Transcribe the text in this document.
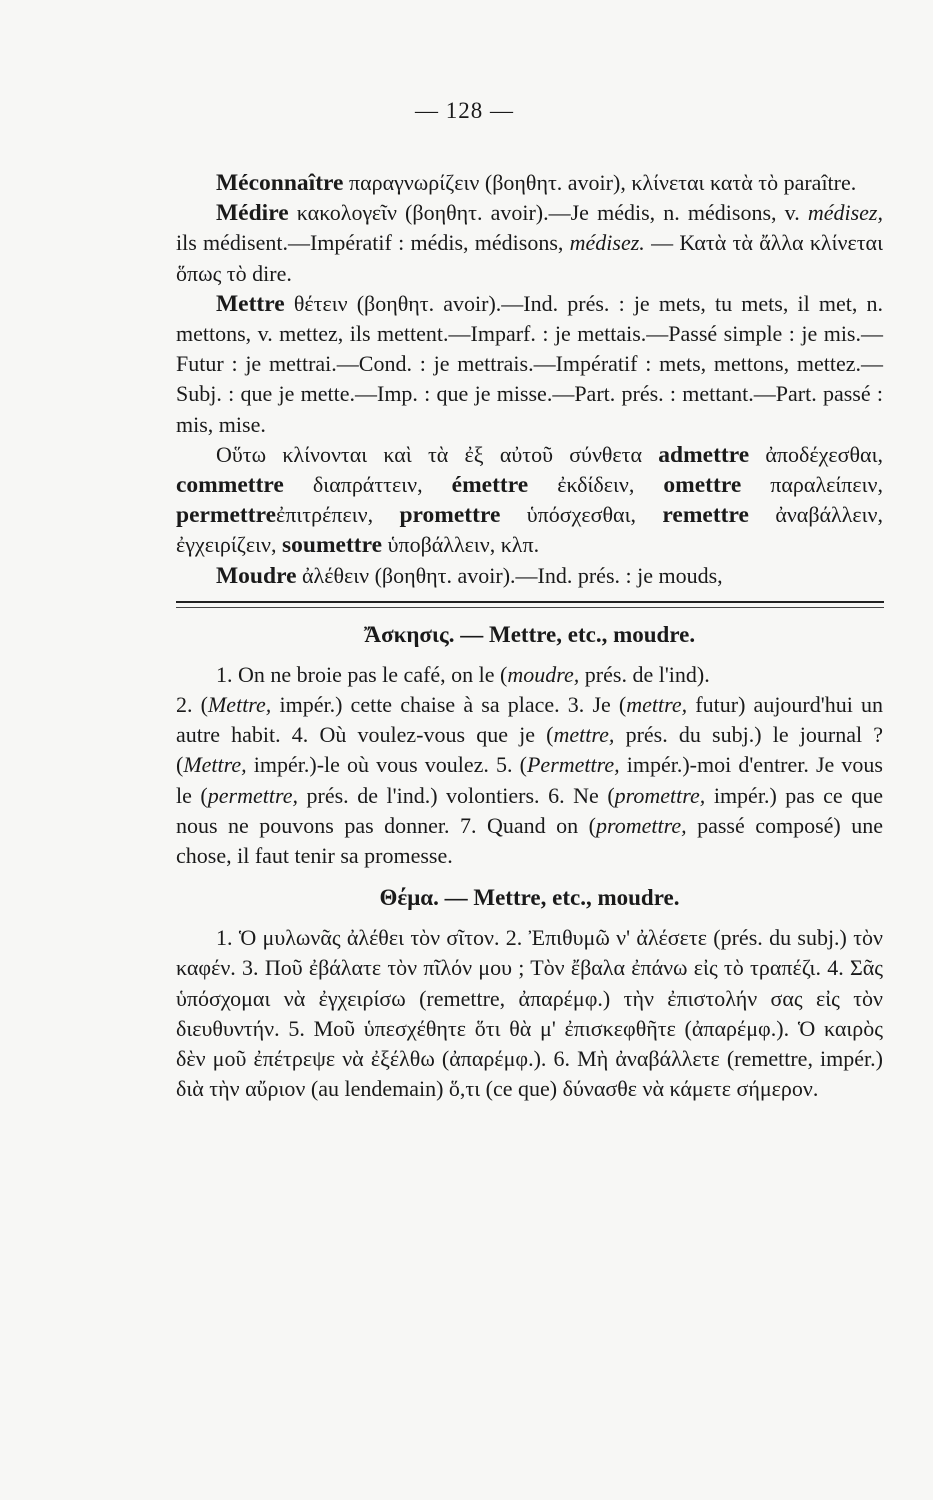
— 128 —

Méconnaître παραγνωρίζειν (βοηθητ. avoir), κλίνεται κατὰ τὸ paraître.

Médire κακολογεῖν (βοηθητ. avoir).—Je médis, n. médisons, v. médisez, ils médisent.—Impératif : médis, médisons, médisez. — Κατὰ τὰ ἄλλα κλίνεται ὅπως τὸ dire.

Mettre θέτειν (βοηθητ. avoir).—Ind. prés. : je mets, tu mets, il met, n. mettons, v. mettez, ils mettent.—Imparf. : je mettais.—Passé simple : je mis.—Futur : je mettrai.—Cond. : je mettrais.—Impératif : mets, mettons, mettez.—Subj. : que je mette.—Imp. : que je misse.—Part. prés. : mettant.—Part. passé : mis, mise.

Οὕτω κλίνονται καὶ τὰ ἐξ αὐτοῦ σύνθετα admettre ἀποδέχεσθαι, commettre διαπράττειν, émettre ἐκδίδειν, omettre παραλείπειν, permettreἐπιτρέπειν, promettre ὑπόσχεσθαι, remettre ἀναβάλλειν, ἐγχειρίζειν, soumettre ὑποβάλλειν, κλπ.

Moudre ἀλέθειν (βοηθητ. avoir).—Ind. prés. : je mouds,

Ἄσκησις. — Mettre, etc., moudre.

1. On ne broie pas le café, on le (moudre, prés. de l'ind).

2. (Mettre, impér.) cette chaise à sa place. 3. Je (mettre, futur) aujourd'hui un autre habit. 4. Où voulez-vous que je (mettre, prés. du subj.) le journal ? (Mettre, impér.)-le où vous voulez. 5. (Permettre, impér.)-moi d'entrer. Je vous le (permettre, prés. de l'ind.) volontiers. 6. Ne (promettre, impér.) pas ce que nous ne pouvons pas donner. 7. Quand on (promettre, passé composé) une chose, il faut tenir sa promesse.

Θέμα. — Mettre, etc., moudre.

1. Ὁ μυλωνᾶς ἀλέθει τὸν σῖτον. 2. Ἐπιθυμῶ ν' ἀλέσετε (prés. du subj.) τὸν καφέν. 3. Ποῦ ἐβάλατε τὸν πῖλόν μου ; Τὸν ἔβαλα ἐπάνω εἰς τὸ τραπέζι. 4. Σᾶς ὑπόσχομαι νὰ ἐγχειρίσω (remettre, ἀπαρέμφ.) τὴν ἐπιστολήν σας εἰς τὸν διευθυντήν. 5. Μοῦ ὑπεσχέθητε ὅτι θὰ μ' ἐπισκεφθῆτε (ἀπαρέμφ.). Ὁ καιρὸς δὲν μοῦ ἐπέτρεψε νὰ ἐξέλθω (ἀπαρέμφ.). 6. Μὴ ἀναβάλλετε (remettre, impér.) διὰ τὴν αὔριον (au lendemain) ὅ,τι (ce que) δύνασθε νὰ κάμετε σήμερον.
